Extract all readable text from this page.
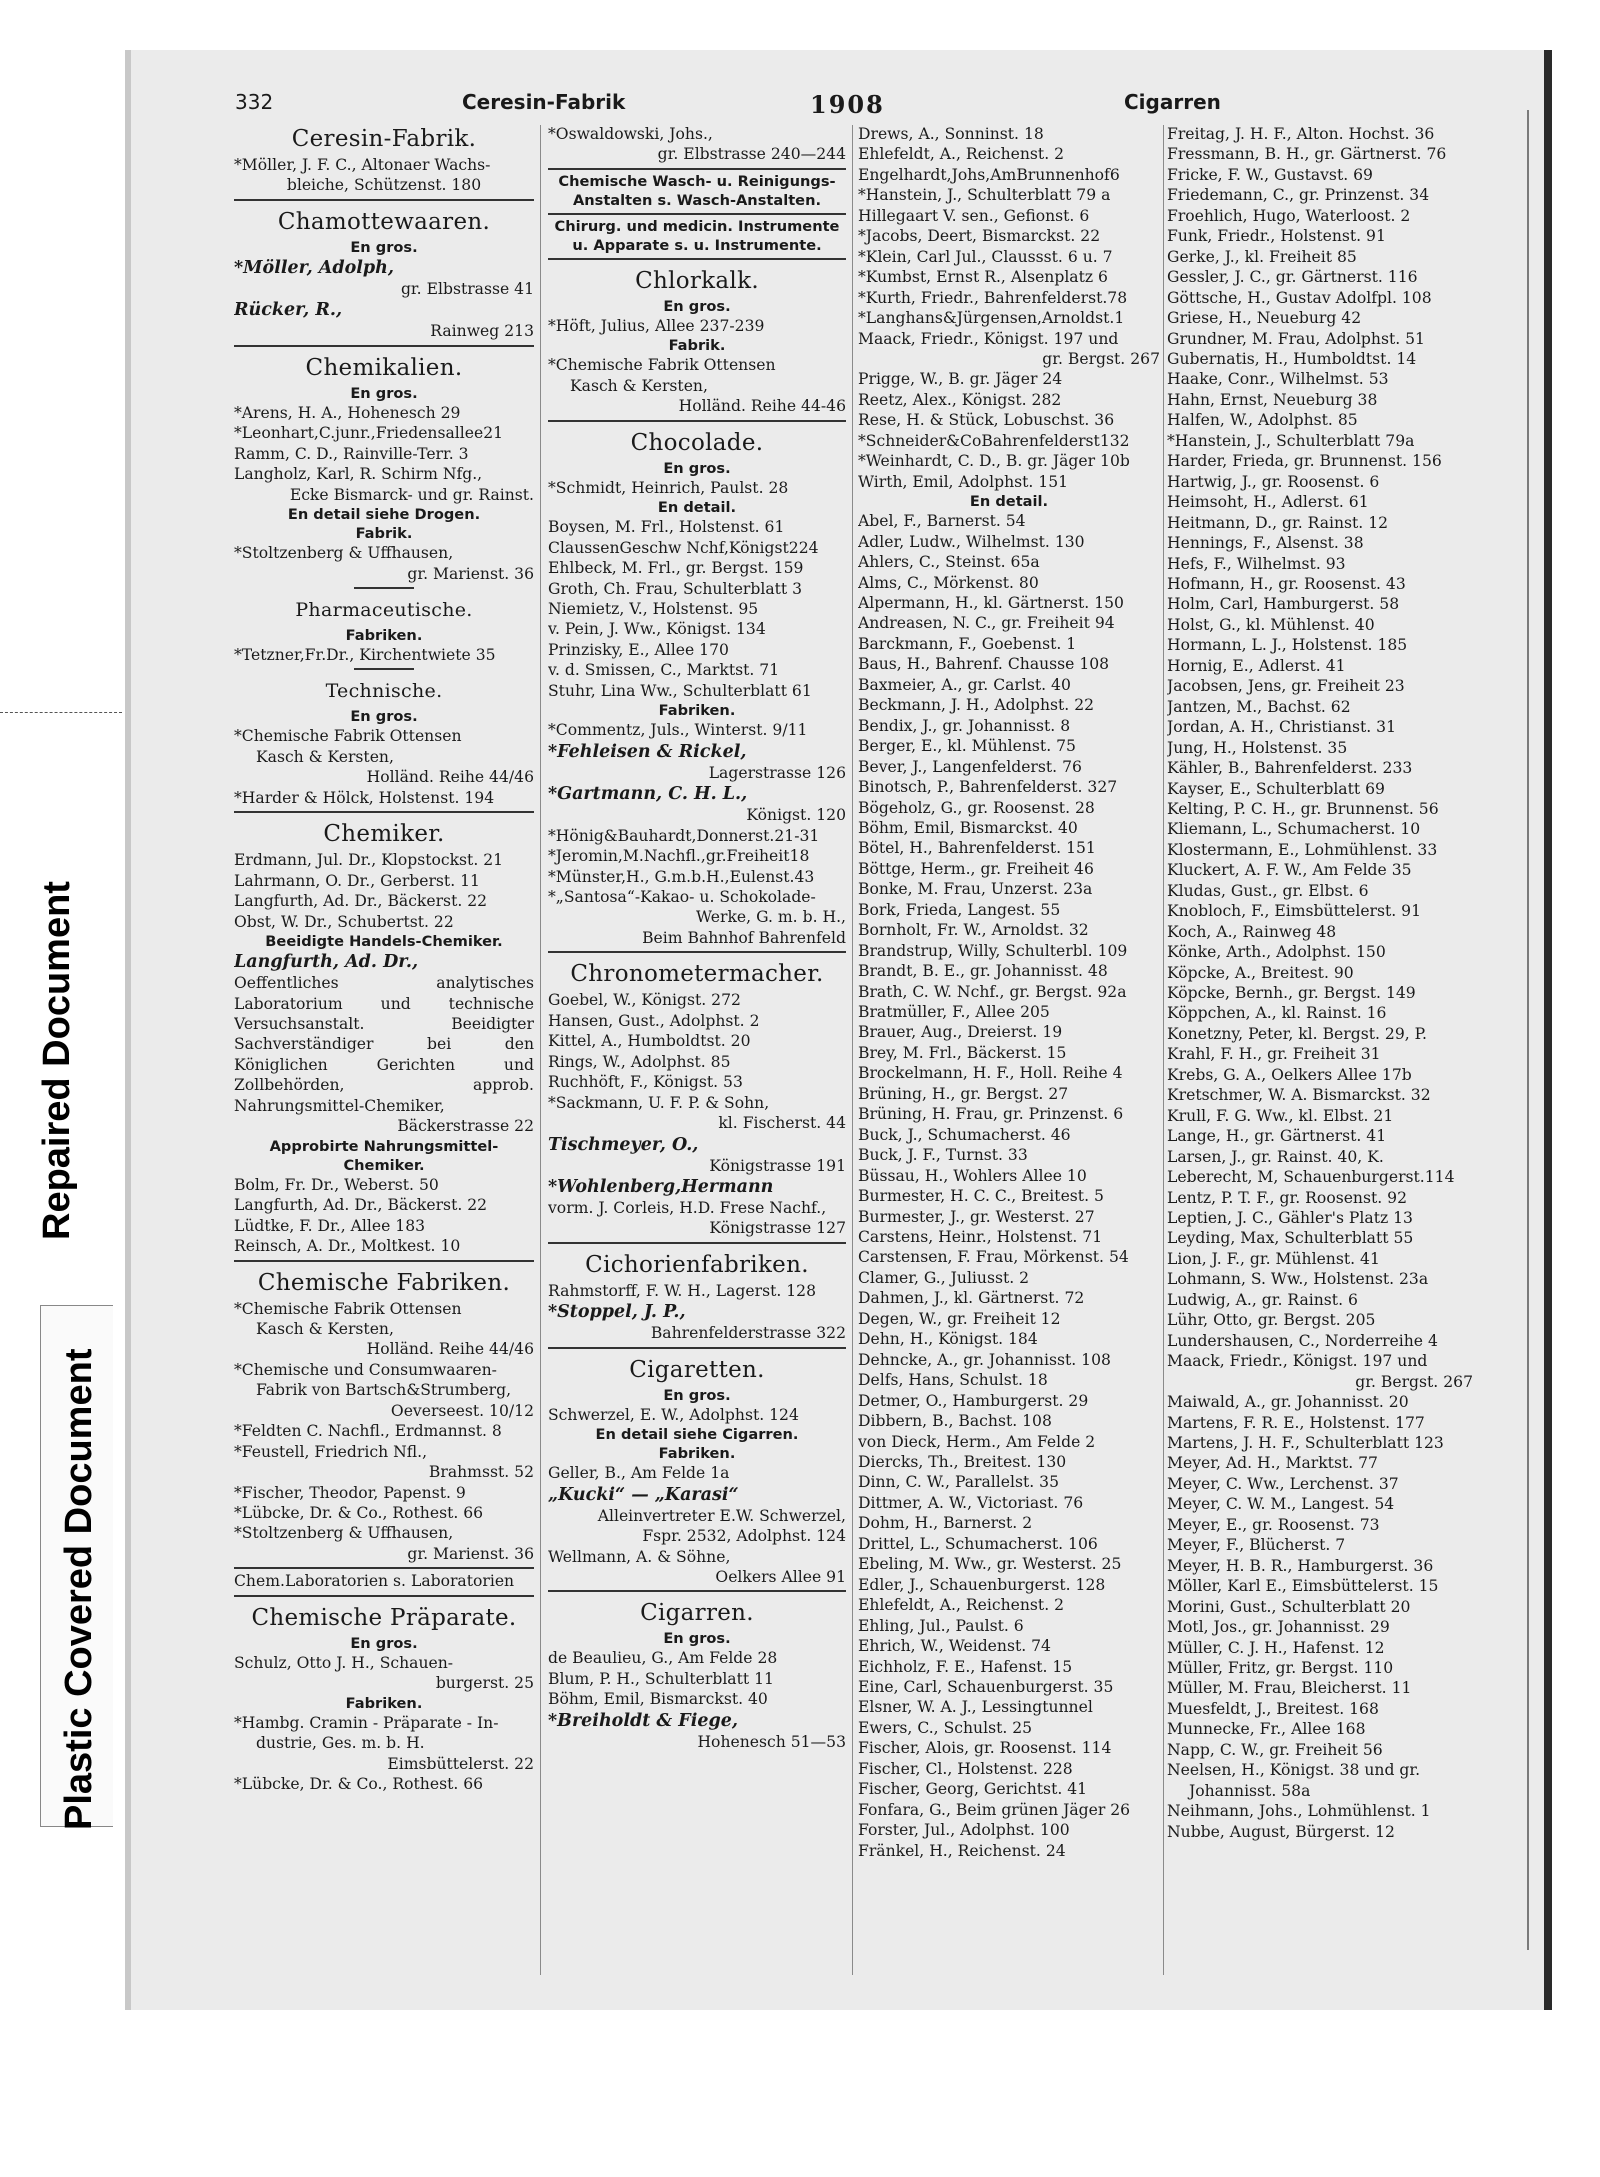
Repaired Document
Plastic Covered Document
332	Ceresin-Fabrik	1908	Cigarren
Ceresin-Fabrik.
*Möller, J. F. C., Altonaer Wachs-
bleiche, Schützenst. 180
Chamottewaaren.
En gros.
*Möller, Adolph,
gr. Elbstrasse 41
Rücker, R.,
Rainweg 213
Chemikalien.
En gros.
*Arens, H. A., Hohenesch 29
*Leonhart,C.junr.,Friedensallee21
Ramm, C. D., Rainville-Terr. 3
Langholz, Karl, R. Schirm Nfg.,
Ecke Bismarck- und gr. Rainst.
En detail siehe Drogen.
Fabrik.
*Stoltzenberg & Uffhausen,
gr. Marienst. 36
Pharmaceutische.
Fabriken.
*Tetzner,Fr.Dr., Kirchentwiete 35
Technische.
En gros.
*Chemische Fabrik Ottensen
Kasch & Kersten,
Holländ. Reihe 44/46
*Harder & Hölck, Holstenst. 194
Chemiker.
Erdmann, Jul. Dr., Klopstockst. 21
Lahrmann, O. Dr., Gerberst. 11
Langfurth, Ad. Dr., Bäckerst. 22
Obst, W. Dr., Schubertst. 22
Beeidigte Handels-Chemiker.
Langfurth, Ad. Dr.,
Oeffentliches analytisches Laboratorium und technische Versuchsanstalt. Beeidigter Sachverständiger bei den Königlichen Gerichten und Zollbehörden, approb. Nahrungsmittel-Chemiker,
Bäckerstrasse 22
Approbirte Nahrungsmittel-
Chemiker.
Bolm, Fr. Dr., Weberst. 50
Langfurth, Ad. Dr., Bäckerst. 22
Lüdtke, F. Dr., Allee 183
Reinsch, A. Dr., Moltkest. 10
Chemische Fabriken.
*Chemische Fabrik Ottensen
Kasch & Kersten,
Holländ. Reihe 44/46
*Chemische und Consumwaaren-
Fabrik von Bartsch&Strumberg,
Oeverseest. 10/12
*Feldten C. Nachfl., Erdmannst. 8
*Feustell, Friedrich Nfl.,
Brahmsst. 52
*Fischer, Theodor, Papenst. 9
*Lübcke, Dr. & Co., Rothest. 66
*Stoltzenberg & Uffhausen,
gr. Marienst. 36
Chem.Laboratorien s. Laboratorien
Chemische Präparate.
En gros.
Schulz, Otto J. H., Schauen-
burgerst. 25
Fabriken.
*Hambg. Cramin - Präparate - In-
dustrie, Ges. m. b. H.
Eimsbüttelerst. 22
*Lübcke, Dr. & Co., Rothest. 66
*Oswaldowski, Johs.,
gr. Elbstrasse 240—244
Chemische Wasch- u. Reinigungs-
Anstalten s. Wasch-Anstalten.
Chirurg. und medicin. Instrumente
u. Apparate s. u. Instrumente.
Chlorkalk.
En gros.
*Höft, Julius, Allee 237-239
Fabrik.
*Chemische Fabrik Ottensen
Kasch & Kersten,
Holländ. Reihe 44-46
Chocolade.
En gros.
*Schmidt, Heinrich, Paulst. 28
En detail.
Boysen, M. Frl., Holstenst. 61
ClaussenGeschw Nchf,Königst224
Ehlbeck, M. Frl., gr. Bergst. 159
Groth, Ch. Frau, Schulterblatt 3
Niemietz, V., Holstenst. 95
v. Pein, J. Ww., Königst. 134
Prinzisky, E., Allee 170
v. d. Smissen, C., Marktst. 71
Stuhr, Lina Ww., Schulterblatt 61
Fabriken.
*Commentz, Juls., Winterst. 9/11
*Fehleisen & Rickel,
Lagerstrasse 126
*Gartmann, C. H. L.,
Königst. 120
*Hönig&Bauhardt,Donnerst.21-31
*Jeromin,M.Nachfl.,gr.Freiheit18
*Münster,H., G.m.b.H.,Eulenst.43
*„Santosa“-Kakao- u. Schokolade-
Werke, G. m. b. H.,
Beim Bahnhof Bahrenfeld
Chronometermacher.
Goebel, W., Königst. 272
Hansen, Gust., Adolphst. 2
Kittel, A., Humboldtst. 20
Rings, W., Adolphst. 85
Ruchhöft, F., Königst. 53
*Sackmann, U. F. P. & Sohn,
kl. Fischerst. 44
Tischmeyer, O.,
Königstrasse 191
*Wohlenberg,Hermann
vorm. J. Corleis, H.D. Frese Nachf.,
Königstrasse 127
Cichorienfabriken.
Rahmstorff, F. W. H., Lagerst. 128
*Stoppel, J. P.,
Bahrenfelderstrasse 322
Cigaretten.
En gros.
Schwerzel, E. W., Adolphst. 124
En detail siehe Cigarren.
Fabriken.
Geller, B., Am Felde 1a
„Kucki“ — „Karasi“
Alleinvertreter E.W. Schwerzel,
Fspr. 2532, Adolphst. 124
Wellmann, A. & Söhne,
Oelkers Allee 91
Cigarren.
En gros.
de Beaulieu, G., Am Felde 28
Blum, P. H., Schulterblatt 11
Böhm, Emil, Bismarckst. 40
*Breiholdt & Fiege,
Hohenesch 51—53
Drews, A., Sonninst. 18
Ehlefeldt, A., Reichenst. 2
Engelhardt,Johs,AmBrunnenhof6
*Hanstein, J., Schulterblatt 79 a
Hillegaart V. sen., Gefionst. 6
*Jacobs, Deert, Bismarckst. 22
*Klein, Carl Jul., Claussst. 6 u. 7
*Kumbst, Ernst R., Alsenplatz 6
*Kurth, Friedr., Bahrenfelderst.78
*Langhans&Jürgensen,Arnoldst.1
Maack, Friedr., Königst. 197 und
gr. Bergst. 267
Prigge, W., B. gr. Jäger 24
Reetz, Alex., Königst. 282
Rese, H. & Stück, Lobuschst. 36
*Schneider&CoBahrenfelderst132
*Weinhardt, C. D., B. gr. Jäger 10b
Wirth, Emil, Adolphst. 151
En detail.
Abel, F., Barnerst. 54
Adler, Ludw., Wilhelmst. 130
Ahlers, C., Steinst. 65a
Alms, C., Mörkenst. 80
Alpermann, H., kl. Gärtnerst. 150
Andreasen, N. C., gr. Freiheit 94
Barckmann, F., Goebenst. 1
Baus, H., Bahrenf. Chausse 108
Baxmeier, A., gr. Carlst. 40
Beckmann, J. H., Adolphst. 22
Bendix, J., gr. Johannisst. 8
Berger, E., kl. Mühlenst. 75
Bever, J., Langenfelderst. 76
Binotsch, P., Bahrenfelderst. 327
Bögeholz, G., gr. Roosenst. 28
Böhm, Emil, Bismarckst. 40
Bötel, H., Bahrenfelderst. 151
Böttge, Herm., gr. Freiheit 46
Bonke, M. Frau, Unzerst. 23a
Bork, Frieda, Langest. 55
Bornholt, Fr. W., Arnoldst. 32
Brandstrup, Willy, Schulterbl. 109
Brandt, B. E., gr. Johannisst. 48
Brath, C. W. Nchf., gr. Bergst. 92a
Bratmüller, F., Allee 205
Brauer, Aug., Dreierst. 19
Brey, M. Frl., Bäckerst. 15
Brockelmann, H. F., Holl. Reihe 4
Brüning, H., gr. Bergst. 27
Brüning, H. Frau, gr. Prinzenst. 6
Buck, J., Schumacherst. 46
Buck, J. F., Turnst. 33
Büssau, H., Wohlers Allee 10
Burmester, H. C. C., Breitest. 5
Burmester, J., gr. Westerst. 27
Carstens, Heinr., Holstenst. 71
Carstensen, F. Frau, Mörkenst. 54
Clamer, G., Juliusst. 2
Dahmen, J., kl. Gärtnerst. 72
Degen, W., gr. Freiheit 12
Dehn, H., Königst. 184
Dehncke, A., gr. Johannisst. 108
Delfs, Hans, Schulst. 18
Detmer, O., Hamburgerst. 29
Dibbern, B., Bachst. 108
von Dieck, Herm., Am Felde 2
Diercks, Th., Breitest. 130
Dinn, C. W., Parallelst. 35
Dittmer, A. W., Victoriast. 76
Dohm, H., Barnerst. 2
Drittel, L., Schumacherst. 106
Ebeling, M. Ww., gr. Westerst. 25
Edler, J., Schauenburgerst. 128
Ehlefeldt, A., Reichenst. 2
Ehling, Jul., Paulst. 6
Ehrich, W., Weidenst. 74
Eichholz, F. E., Hafenst. 15
Eine, Carl, Schauenburgerst. 35
Elsner, W. A. J., Lessingtunnel
Ewers, C., Schulst. 25
Fischer, Alois, gr. Roosenst. 114
Fischer, Cl., Holstenst. 228
Fischer, Georg, Gerichtst. 41
Fonfara, G., Beim grünen Jäger 26
Forster, Jul., Adolphst. 100
Fränkel, H., Reichenst. 24
Freitag, J. H. F., Alton. Hochst. 36
Fressmann, B. H., gr. Gärtnerst. 76
Fricke, F. W., Gustavst. 69
Friedemann, C., gr. Prinzenst. 34
Froehlich, Hugo, Waterloost. 2
Funk, Friedr., Holstenst. 91
Gerke, J., kl. Freiheit 85
Gessler, J. C., gr. Gärtnerst. 116
Göttsche, H., Gustav Adolfpl. 108
Griese, H., Neueburg 42
Grundner, M. Frau, Adolphst. 51
Gubernatis, H., Humboldtst. 14
Haake, Conr., Wilhelmst. 53
Hahn, Ernst, Neueburg 38
Halfen, W., Adolphst. 85
*Hanstein, J., Schulterblatt 79a
Harder, Frieda, gr. Brunnenst. 156
Hartwig, J., gr. Roosenst. 6
Heimsoht, H., Adlerst. 61
Heitmann, D., gr. Rainst. 12
Hennings, F., Alsenst. 38
Hefs, F., Wilhelmst. 93
Hofmann, H., gr. Roosenst. 43
Holm, Carl, Hamburgerst. 58
Holst, G., kl. Mühlenst. 40
Hormann, L. J., Holstenst. 185
Hornig, E., Adlerst. 41
Jacobsen, Jens, gr. Freiheit 23
Jantzen, M., Bachst. 62
Jordan, A. H., Christianst. 31
Jung, H., Holstenst. 35
Kähler, B., Bahrenfelderst. 233
Kayser, E., Schulterblatt 69
Kelting, P. C. H., gr. Brunnenst. 56
Kliemann, L., Schumacherst. 10
Klostermann, E., Lohmühlenst. 33
Kluckert, A. F. W., Am Felde 35
Kludas, Gust., gr. Elbst. 6
Knobloch, F., Eimsbüttelerst. 91
Koch, A., Rainweg 48
Könke, Arth., Adolphst. 150
Köpcke, A., Breitest. 90
Köpcke, Bernh., gr. Bergst. 149
Köppchen, A., kl. Rainst. 16
Konetzny, Peter, kl. Bergst. 29, P.
Krahl, F. H., gr. Freiheit 31
Krebs, G. A., Oelkers Allee 17b
Kretschmer, W. A. Bismarckst. 32
Krull, F. G. Ww., kl. Elbst. 21
Lange, H., gr. Gärtnerst. 41
Larsen, J., gr. Rainst. 40, K.
Leberecht, M, Schauenburgerst.114
Lentz, P. T. F., gr. Roosenst. 92
Leptien, J. C., Gähler's Platz 13
Leyding, Max, Schulterblatt 55
Lion, J. F., gr. Mühlenst. 41
Lohmann, S. Ww., Holstenst. 23a
Ludwig, A., gr. Rainst. 6
Lühr, Otto, gr. Bergst. 205
Lundershausen, C., Norderreihe 4
Maack, Friedr., Königst. 197 und
gr. Bergst. 267
Maiwald, A., gr. Johannisst. 20
Martens, F. R. E., Holstenst. 177
Martens, J. H. F., Schulterblatt 123
Meyer, Ad. H., Marktst. 77
Meyer, C. Ww., Lerchenst. 37
Meyer, C. W. M., Langest. 54
Meyer, E., gr. Roosenst. 73
Meyer, F., Blücherst. 7
Meyer, H. B. R., Hamburgerst. 36
Möller, Karl E., Eimsbüttelerst. 15
Morini, Gust., Schulterblatt 20
Motl, Jos., gr. Johannisst. 29
Müller, C. J. H., Hafenst. 12
Müller, Fritz, gr. Bergst. 110
Müller, M. Frau, Bleicherst. 11
Muesfeldt, J., Breitest. 168
Munnecke, Fr., Allee 168
Napp, C. W., gr. Freiheit 56
Neelsen, H., Königst. 38 und gr.
Johannisst. 58a
Neihmann, Johs., Lohmühlenst. 1
Nubbe, August, Bürgerst. 12
